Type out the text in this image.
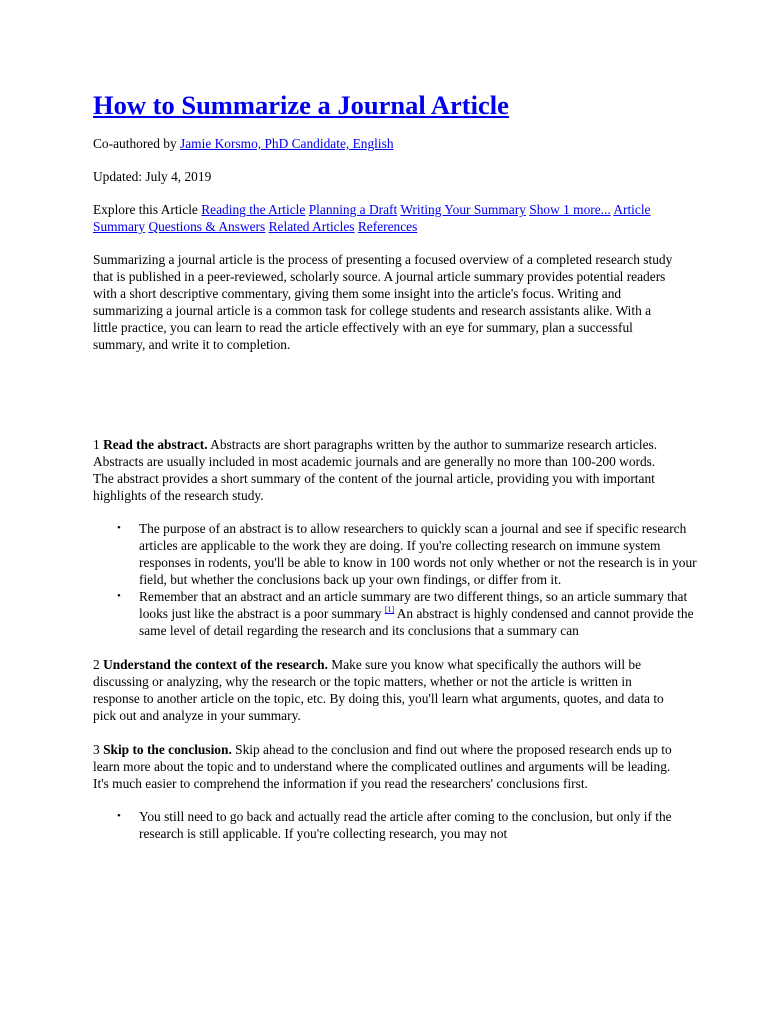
How to Summarize a Journal Article

Co-authored by Jamie Korsmo, PhD Candidate, English

Updated: July 4, 2019

Explore this Article Reading the Article Planning a Draft Writing Your Summary Show 1 more... Article Summary Questions & Answers Related Articles References

Summarizing a journal article is the process of presenting a focused overview of a completed research study that is published in a peer-reviewed, scholarly source. A journal article summary provides potential readers with a short descriptive commentary, giving them some insight into the article's focus. Writing and summarizing a journal article is a common task for college students and research assistants alike. With a little practice, you can learn to read the article effectively with an eye for summary, plan a successful summary, and write it to completion.

1 Read the abstract. Abstracts are short paragraphs written by the author to summarize research articles. Abstracts are usually included in most academic journals and are generally no more than 100-200 words. The abstract provides a short summary of the content of the journal article, providing you with important highlights of the research study.

• The purpose of an abstract is to allow researchers to quickly scan a journal and see if specific research articles are applicable to the work they are doing. If you're collecting research on immune system responses in rodents, you'll be able to know in 100 words not only whether or not the research is in your field, but whether the conclusions back up your own findings, or differ from it.
• Remember that an abstract and an article summary are two different things, so an article summary that looks just like the abstract is a poor summary [1] An abstract is highly condensed and cannot provide the same level of detail regarding the research and its conclusions that a summary can

2 Understand the context of the research. Make sure you know what specifically the authors will be discussing or analyzing, why the research or the topic matters, whether or not the article is written in response to another article on the topic, etc. By doing this, you'll learn what arguments, quotes, and data to pick out and analyze in your summary.

3 Skip to the conclusion. Skip ahead to the conclusion and find out where the proposed research ends up to learn more about the topic and to understand where the complicated outlines and arguments will be leading. It's much easier to comprehend the information if you read the researchers' conclusions first.

• You still need to go back and actually read the article after coming to the conclusion, but only if the research is still applicable. If you're collecting research, you may not
